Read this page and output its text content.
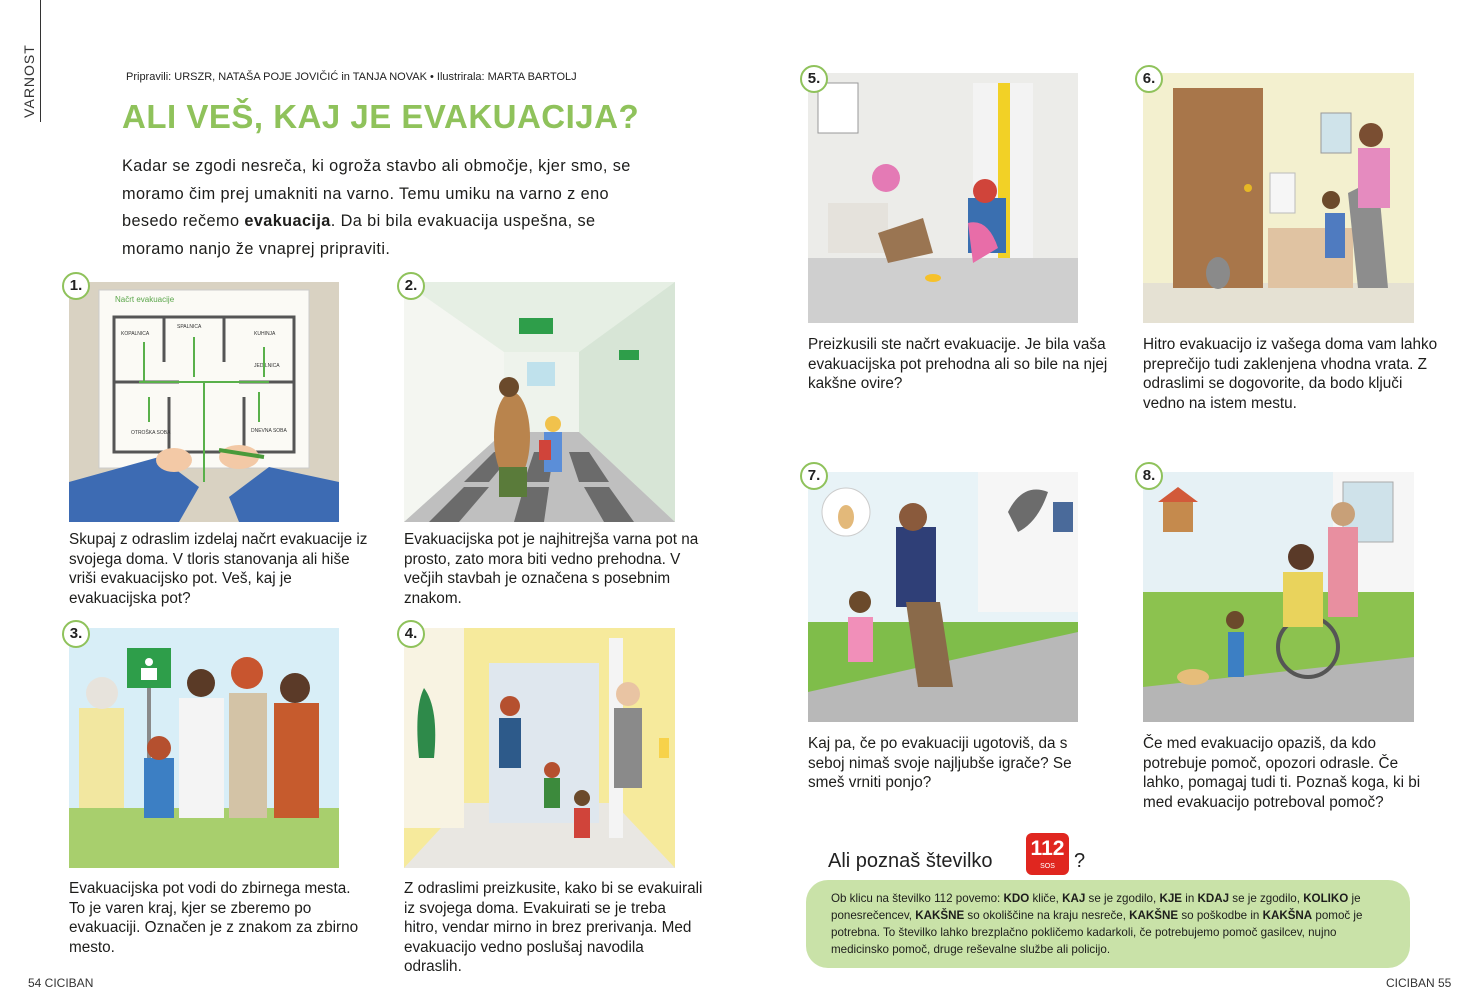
VARNOST	Pripravili: URSZR, NATAŠA POJE JOVIČIĆ in TANJA NOVAK • Ilustrirala: MARTA BARTOLJ
ALI VEŠ, KAJ JE EVAKUACIJA?

Kadar se zgodi nesreča, ki ogroža stavbo ali območje, kjer smo, se moramo čim prej umakniti na varno. Temu umiku na varno z eno besedo rečemo evakuacija. Da bi bila evakuacija uspešna, se moramo nanjo že vnaprej pripraviti.

Načrt evakuacije
KOPALNICA
SPALNICA
KUHINJA
JEDILNICA
OTROŠKA SOBA	DNEVNA SOBA
1.

Skupaj z odraslim izdelaj načrt evakuacije iz svojega doma. V tloris stanovanja ali hiše vriši evakuacijsko pot. Veš, kaj je evakuacijska pot?

2.

Evakuacijska pot je najhitrejša varna pot na prosto, zato mora biti vedno prehodna. V večjih stavbah je označena s posebnim znakom.

3.

Evakuacijska pot vodi do zbirnega mesta. To je varen kraj, kjer se zberemo po evakuaciji. Označen je z znakom za zbirno mesto.

4.

Z odraslimi preizkusite, kako bi se evakuirali iz svojega doma. Evakuirati se je treba hitro, vendar mirno in brez prerivanja. Med evakuacijo vedno poslušaj navodila odraslih.

5.

Preizkusili ste načrt evakuacije. Je bila vaša evakuacijska pot prehodna ali so bile na njej kakšne ovire?

6.

Hitro evakuacijo iz vašega doma vam lahko preprečijo tudi zaklenjena vhodna vrata. Z odraslimi se dogovorite, da bodo ključi vedno na istem mestu.

7.

Kaj pa, če po evakuaciji ugotoviš, da s seboj nimaš svoje najljubše igrače? Se smeš vrniti ponjo?

8.

Če med evakuacijo opaziš, da kdo potrebuje pomoč, opozori odrasle. Če lahko, pomagaj tudi ti. Poznaš koga, ki bi med evakuacijo potreboval pomoč?

Ali poznaš številko
112
SOS ?

Ob klicu na številko 112 povemo: KDO kliče, KAJ se je zgodilo, KJE in KDAJ se je zgodilo, KOLIKO je ponesrečencev, KAKŠNE so okoliščine na kraju nesreče, KAKŠNE so poškodbe in KAKŠNA pomoč je potrebna. To številko lahko brezplačno pokličemo kadarkoli, če potrebujemo pomoč gasilcev, nujno medicinsko pomoč, druge reševalne službe ali policijo.

54 CICIBAN	CICIBAN 55
